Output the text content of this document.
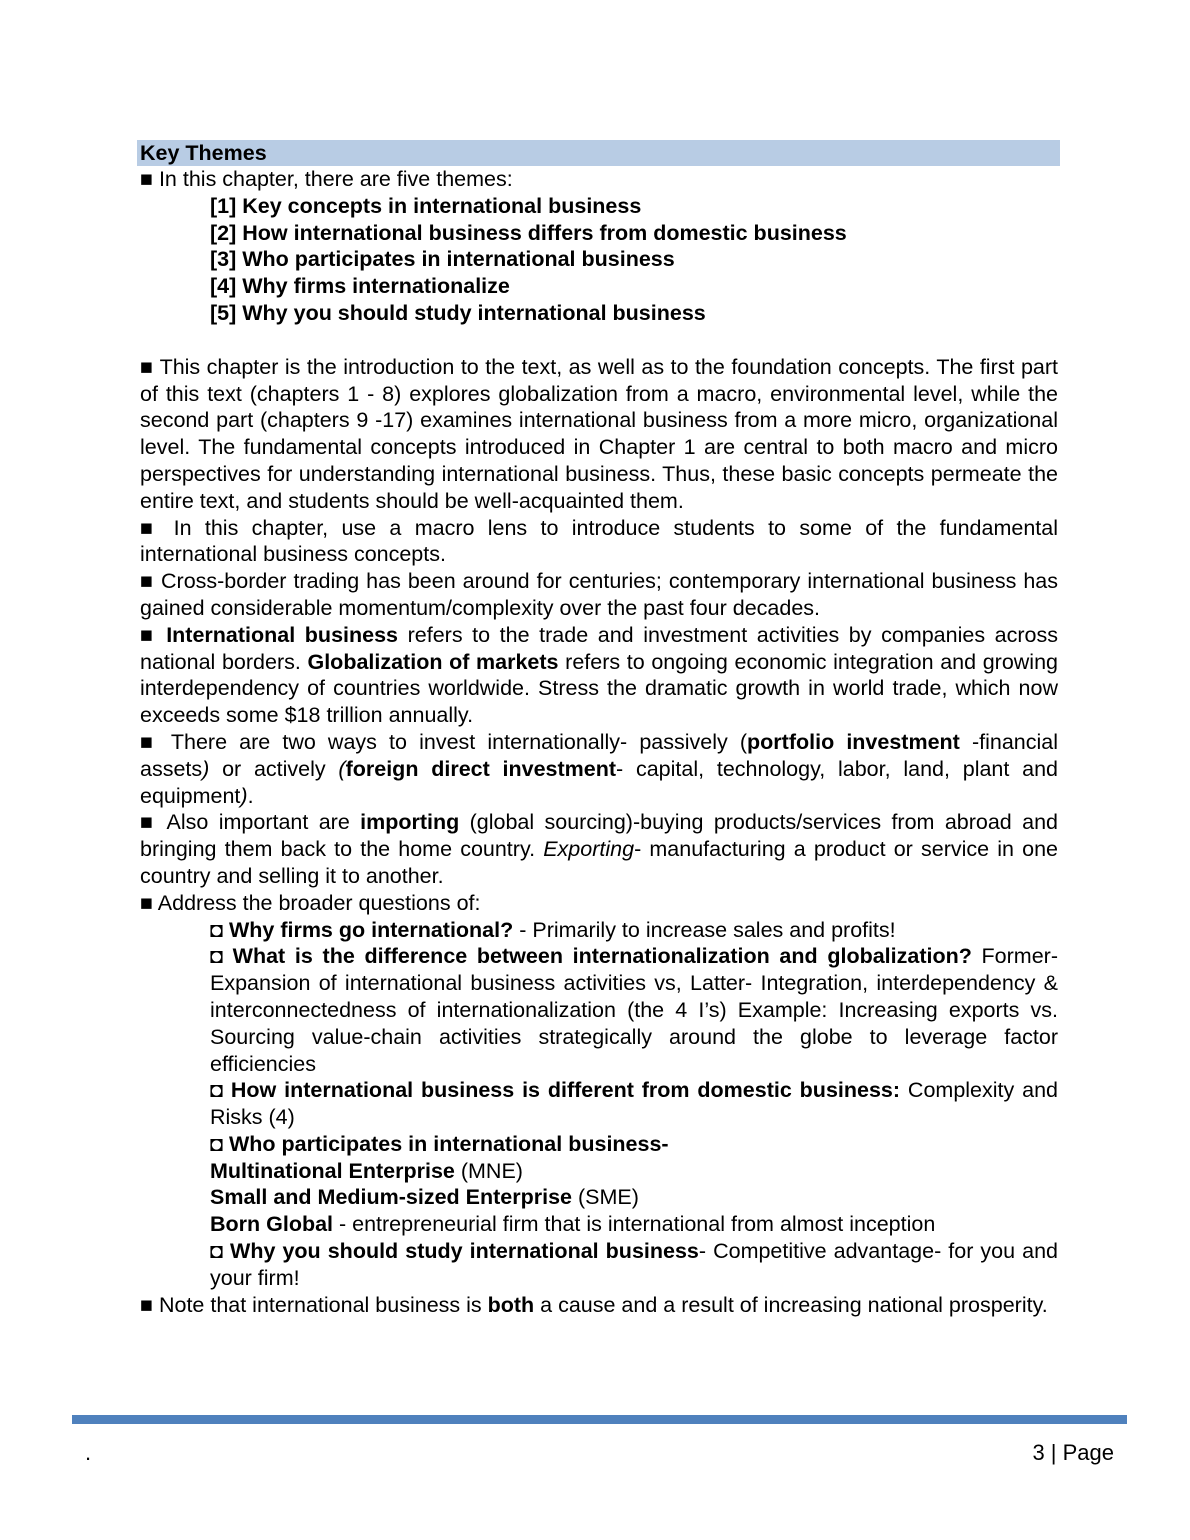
Key Themes
■ In this chapter, there are five themes:
[1] Key concepts in international business
[2] How international business differs from domestic business
[3] Who participates in international business
[4] Why firms internationalize
[5] Why you should study international business
■ This chapter is the introduction to the text, as well as to the foundation concepts. The first part of this text (chapters 1 - 8) explores globalization from a macro, environmental level, while the second part (chapters 9 -17) examines international business from a more micro, organizational level. The fundamental concepts introduced in Chapter 1 are central to both macro and micro perspectives for understanding international business. Thus, these basic concepts permeate the entire text, and students should be well-acquainted them.
■ In this chapter, use a macro lens to introduce students to some of the fundamental international business concepts.
■ Cross-border trading has been around for centuries; contemporary international business has gained considerable momentum/complexity over the past four decades.
■ International business refers to the trade and investment activities by companies across national borders. Globalization of markets refers to ongoing economic integration and growing interdependency of countries worldwide. Stress the dramatic growth in world trade, which now exceeds some $18 trillion annually.
■ There are two ways to invest internationally- passively (portfolio investment -financial assets) or actively (foreign direct investment- capital, technology, labor, land, plant and equipment).
■ Also important are importing (global sourcing)-buying products/services from abroad and bringing them back to the home country. Exporting- manufacturing a product or service in one country and selling it to another.
■ Address the broader questions of:
◘ Why firms go international? - Primarily to increase sales and profits!
◘ What is the difference between internationalization and globalization? Former- Expansion of international business activities vs, Latter- Integration, interdependency & interconnectedness of internationalization (the 4 I’s) Example: Increasing exports vs. Sourcing value-chain activities strategically around the globe to leverage factor efficiencies
◘ How international business is different from domestic business: Complexity and Risks (4)
◘ Who participates in international business-
Multinational Enterprise (MNE)
Small and Medium-sized Enterprise (SME)
Born Global - entrepreneurial firm that is international from almost inception
◘ Why you should study international business- Competitive advantage- for you and your firm!
■ Note that international business is both a cause and a result of increasing national prosperity.
.	3 | Page
